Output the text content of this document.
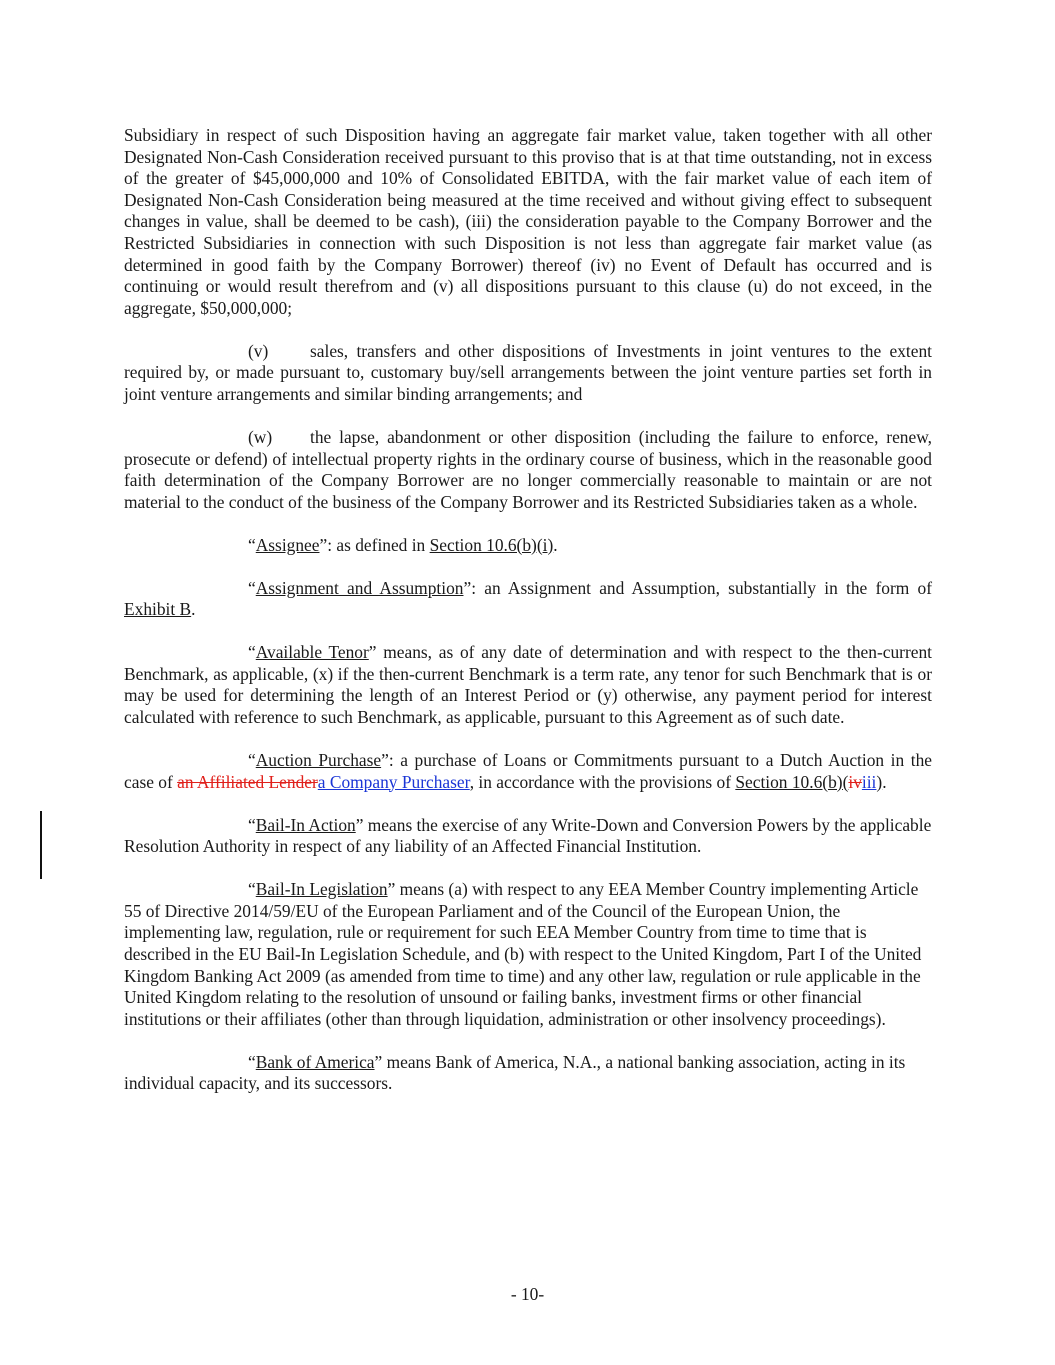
Subsidiary in respect of such Disposition having an aggregate fair market value, taken together with all other Designated Non-Cash Consideration received pursuant to this proviso that is at that time outstanding, not in excess of the greater of $45,000,000 and 10% of Consolidated EBITDA, with the fair market value of each item of Designated Non-Cash Consideration being measured at the time received and without giving effect to subsequent changes in value, shall be deemed to be cash), (iii) the consideration payable to the Company Borrower and the Restricted Subsidiaries in connection with such Disposition is not less than aggregate fair market value (as determined in good faith by the Company Borrower) thereof (iv) no Event of Default has occurred and is continuing or would result therefrom and (v) all dispositions pursuant to this clause (u) do not exceed, in the aggregate, $50,000,000;

(v) sales, transfers and other dispositions of Investments in joint ventures to the extent required by, or made pursuant to, customary buy/sell arrangements between the joint venture parties set forth in joint venture arrangements and similar binding arrangements; and

(w) the lapse, abandonment or other disposition (including the failure to enforce, renew, prosecute or defend) of intellectual property rights in the ordinary course of business, which in the reasonable good faith determination of the Company Borrower are no longer commercially reasonable to maintain or are not material to the conduct of the business of the Company Borrower and its Restricted Subsidiaries taken as a whole.

“Assignee”: as defined in Section 10.6(b)(i).

“Assignment and Assumption”: an Assignment and Assumption, substantially in the form of Exhibit B.

“Available Tenor” means, as of any date of determination and with respect to the then-current Benchmark, as applicable, (x) if the then-current Benchmark is a term rate, any tenor for such Benchmark that is or may be used for determining the length of an Interest Period or (y) otherwise, any payment period for interest calculated with reference to such Benchmark, as applicable, pursuant to this Agreement as of such date.

“Auction Purchase”: a purchase of Loans or Commitments pursuant to a Dutch Auction in the case of an Affiliated Lendera Company Purchaser, in accordance with the provisions of Section 10.6(b)(iviii).

“Bail-In Action” means the exercise of any Write-Down and Conversion Powers by the applicable Resolution Authority in respect of any liability of an Affected Financial Institution.

“Bail-In Legislation” means (a) with respect to any EEA Member Country implementing Article 55 of Directive 2014/59/EU of the European Parliament and of the Council of the European Union, the implementing law, regulation, rule or requirement for such EEA Member Country from time to time that is described in the EU Bail-In Legislation Schedule, and (b) with respect to the United Kingdom, Part I of the United Kingdom Banking Act 2009 (as amended from time to time) and any other law, regulation or rule applicable in the United Kingdom relating to the resolution of unsound or failing banks, investment firms or other financial institutions or their affiliates (other than through liquidation, administration or other insolvency proceedings).

“Bank of America” means Bank of America, N.A., a national banking association, acting in its individual capacity, and its successors.

- 10-
